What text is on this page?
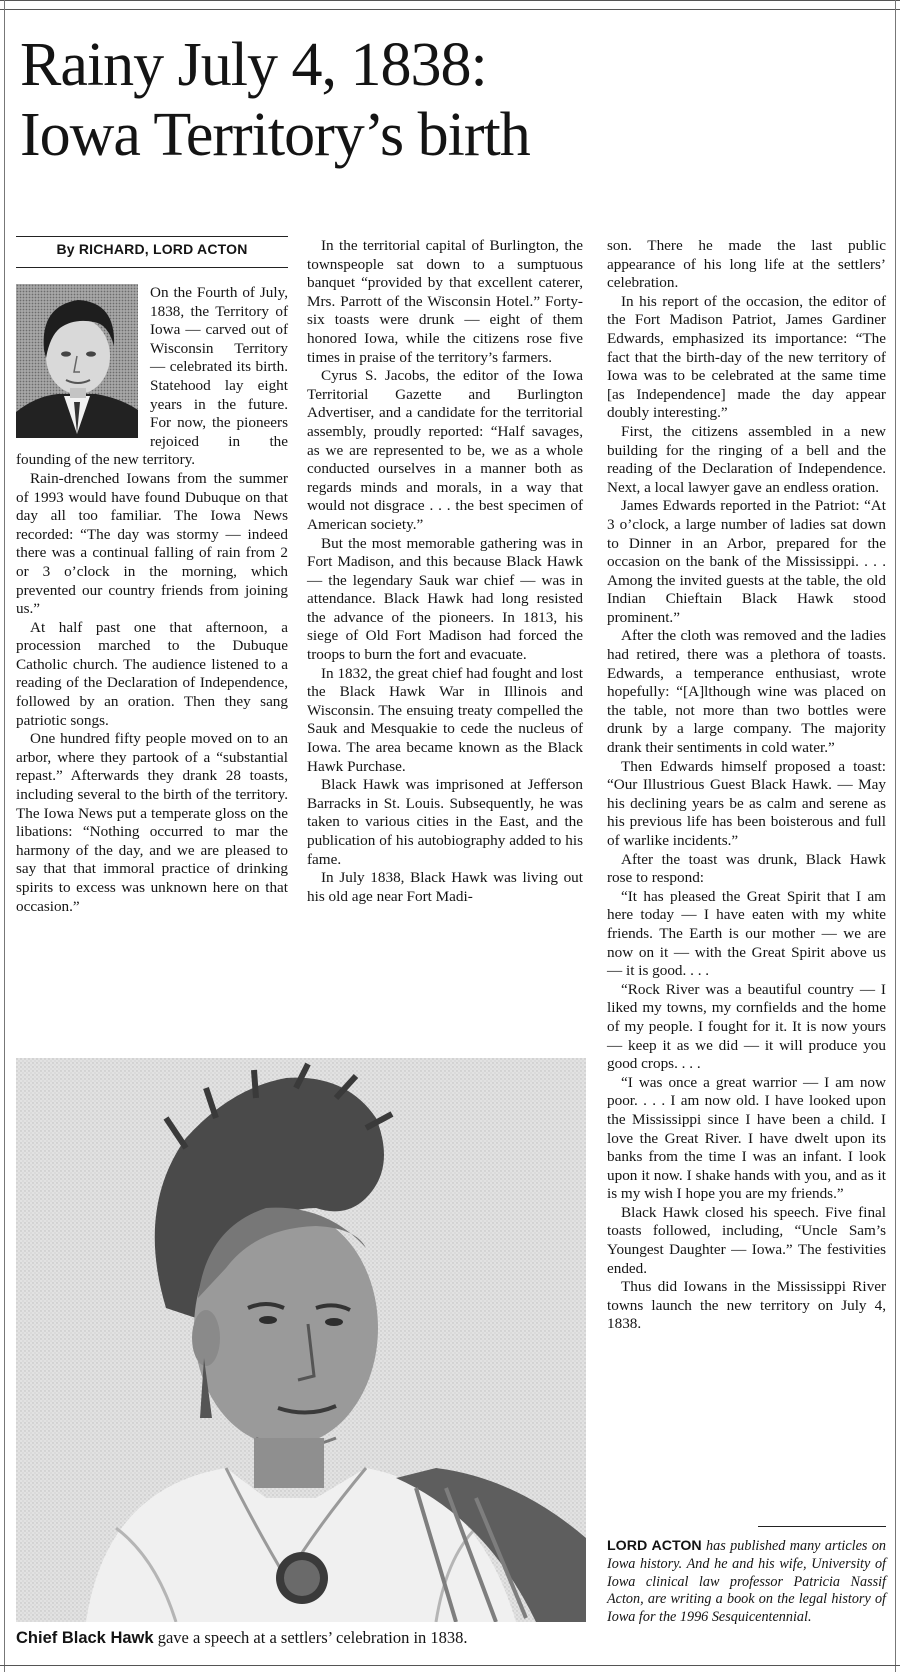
Rainy July 4, 1838:
Iowa Territory’s birth
By RICHARD, LORD ACTON

On the Fourth of July, 1838, the Territory of Iowa — carved out of Wisconsin Territory — celebrated its birth. Statehood lay eight years in the future. For now, the pioneers rejoiced in the founding of the new territory.

Rain-drenched Iowans from the summer of 1993 would have found Dubuque on that day all too familiar. The Iowa News recorded: “The day was stormy — indeed there was a continual falling of rain from 2 or 3 o’clock in the morning, which prevented our country friends from joining us.”

At half past one that afternoon, a procession marched to the Dubuque Catholic church. The audience listened to a reading of the Declaration of Independence, followed by an oration. Then they sang patriotic songs.

One hundred fifty people moved on to an arbor, where they partook of a “substantial repast.” Afterwards they drank 28 toasts, including several to the birth of the territory. The Iowa News put a temperate gloss on the libations: “Nothing occurred to mar the harmony of the day, and we are pleased to say that that immoral practice of drinking spirits to excess was unknown here on that occasion.”

In the territorial capital of Burlington, the townspeople sat down to a sumptuous banquet “provided by that excellent caterer, Mrs. Parrott of the Wisconsin Hotel.” Forty-six toasts were drunk — eight of them honored Iowa, while the citizens rose five times in praise of the territory’s farmers.

Cyrus S. Jacobs, the editor of the Iowa Territorial Gazette and Burlington Advertiser, and a candidate for the territorial assembly, proudly reported: “Half savages, as we are represented to be, we as a whole conducted ourselves in a manner both as regards minds and morals, in a way that would not disgrace . . . the best specimen of American society.”

But the most memorable gathering was in Fort Madison, and this because Black Hawk — the legendary Sauk war chief — was in attendance. Black Hawk had long resisted the advance of the pioneers. In 1813, his siege of Old Fort Madison had forced the troops to burn the fort and evacuate.

In 1832, the great chief had fought and lost the Black Hawk War in Illinois and Wisconsin. The ensuing treaty compelled the Sauk and Mesquakie to cede the nucleus of Iowa. The area became known as the Black Hawk Purchase.

Black Hawk was imprisoned at Jefferson Barracks in St. Louis. Subsequently, he was taken to various cities in the East, and the publication of his autobiography added to his fame.

In July 1838, Black Hawk was living out his old age near Fort Madi-

son. There he made the last public appearance of his long life at the settlers’ celebration.

In his report of the occasion, the editor of the Fort Madison Patriot, James Gardiner Edwards, emphasized its importance: “The fact that the birth-day of the new territory of Iowa was to be celebrated at the same time [as Independence] made the day appear doubly interesting.”

First, the citizens assembled in a new building for the ringing of a bell and the reading of the Declaration of Independence. Next, a local lawyer gave an endless oration.

James Edwards reported in the Patriot: “At 3 o’clock, a large number of ladies sat down to Dinner in an Arbor, prepared for the occasion on the bank of the Mississippi. . . . Among the invited guests at the table, the old Indian Chieftain Black Hawk stood prominent.”

After the cloth was removed and the ladies had retired, there was a plethora of toasts. Edwards, a temperance enthusiast, wrote hopefully: “[A]lthough wine was placed on the table, not more than two bottles were drunk by a large company. The majority drank their sentiments in cold water.”

Then Edwards himself proposed a toast: “Our Illustrious Guest Black Hawk. — May his declining years be as calm and serene as his previous life has been boisterous and full of warlike incidents.”

After the toast was drunk, Black Hawk rose to respond:

“It has pleased the Great Spirit that I am here today — I have eaten with my white friends. The Earth is our mother — we are now on it — with the Great Spirit above us — it is good. . . .

“Rock River was a beautiful country — I liked my towns, my cornfields and the home of my people. I fought for it. It is now yours — keep it as we did — it will produce you good crops. . . .

“I was once a great warrior — I am now poor. . . . I am now old. I have looked upon the Mississippi since I have been a child. I love the Great River. I have dwelt upon its banks from the time I was an infant. I look upon it now. I shake hands with you, and as it is my wish I hope you are my friends.”

Black Hawk closed his speech. Five final toasts followed, including, “Uncle Sam’s Youngest Daughter — Iowa.” The festivities ended.

Thus did Iowans in the Mississippi River towns launch the new territory on July 4, 1838.

Chief Black Hawk gave a speech at a settlers’ celebration in 1838.
LORD ACTON has published many articles on Iowa history. And he and his wife, University of Iowa clinical law professor Patricia Nassif Acton, are writing a book on the legal history of Iowa for the 1996 Sesquicentennial.
